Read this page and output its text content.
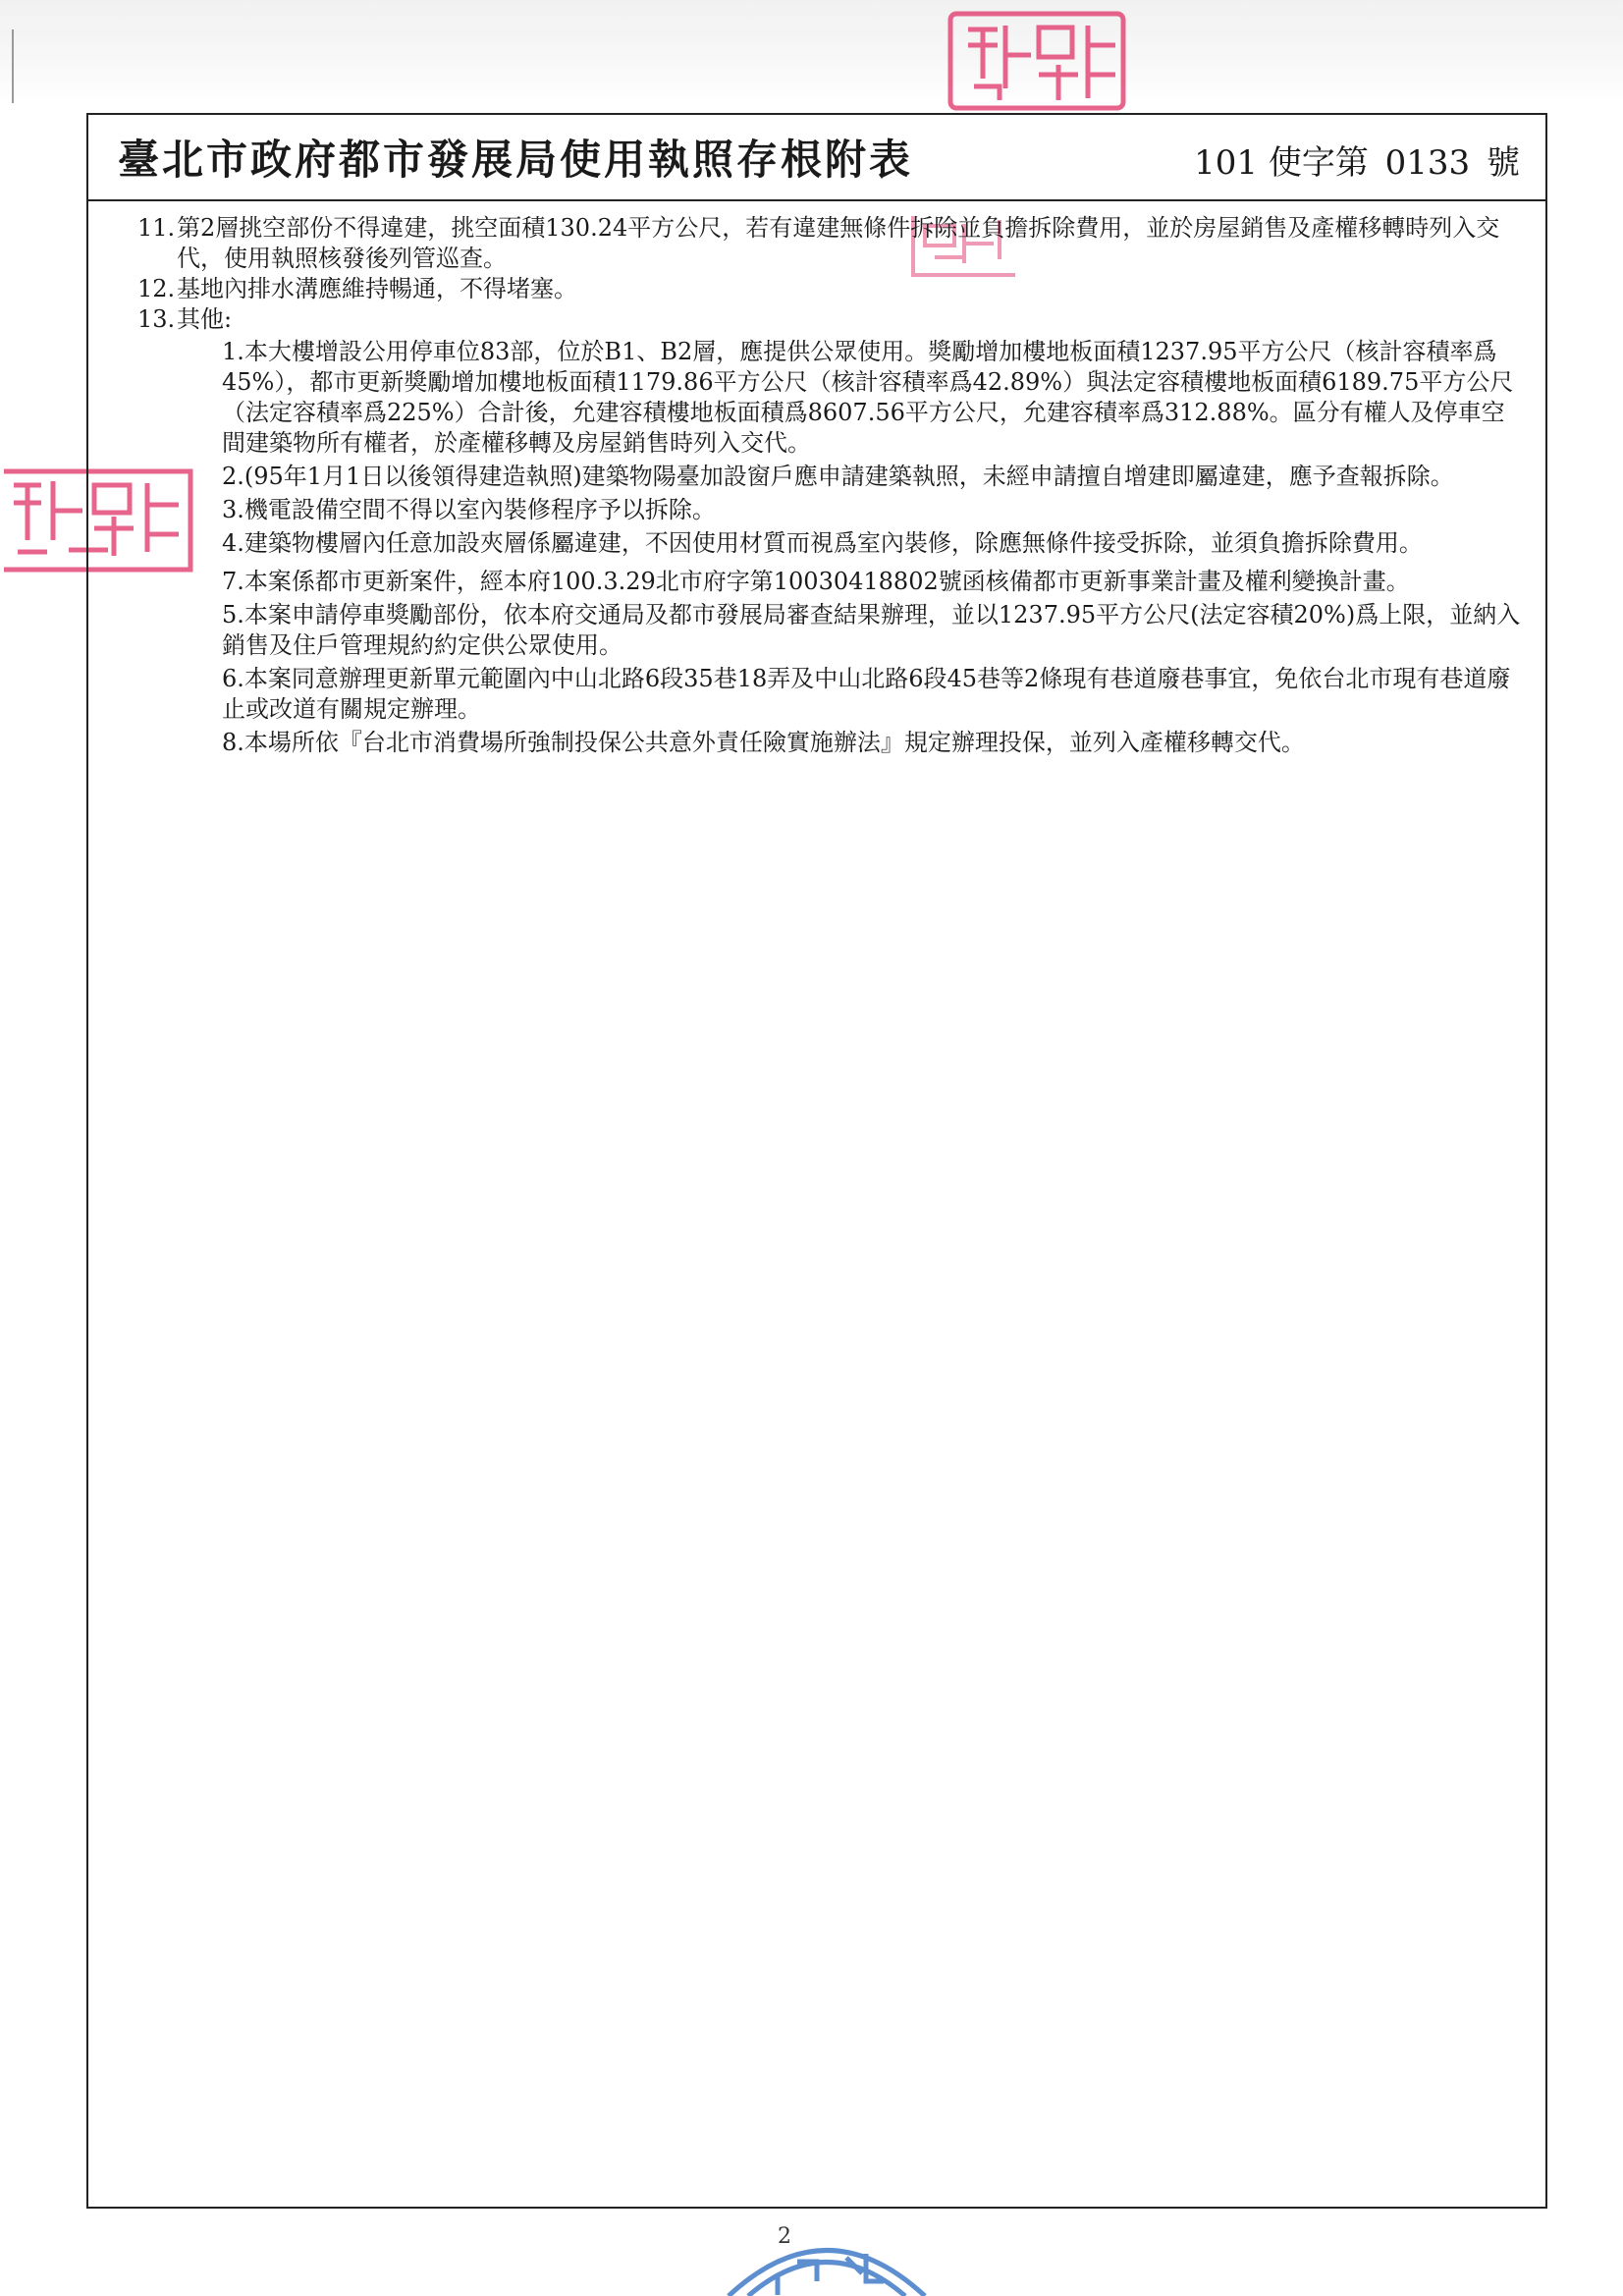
臺北市政府都市發展局使用執照存根附表	101 使字第 0133 號
11. 第2層挑空部份不得違建，挑空面積130.24平方公尺，若有違建無條件拆除並負擔拆除費用，並於房屋銷售及產權移轉時列入交代，使用執照核發後列管巡查。
12. 基地內排水溝應維持暢通，不得堵塞。
13. 其他:
1.本大樓增設公用停車位83部，位於B1、B2層，應提供公眾使用。獎勵增加樓地板面積1237.95平方公尺（核計容積率爲45%），都市更新獎勵增加樓地板面積1179.86平方公尺（核計容積率爲42.89%）與法定容積樓地板面積6189.75平方公尺（法定容積率爲225%）合計後，允建容積樓地板面積爲8607.56平方公尺，允建容積率爲312.88%。區分有權人及停車空間建築物所有權者，於產權移轉及房屋銷售時列入交代。
2.(95年1月1日以後領得建造執照)建築物陽臺加設窗戶應申請建築執照，未經申請擅自增建即屬違建，應予查報拆除。
3.機電設備空間不得以室內裝修程序予以拆除。
4.建築物樓層內任意加設夾層係屬違建，不因使用材質而視爲室內裝修，除應無條件接受拆除，並須負擔拆除費用。
7.本案係都市更新案件，經本府100.3.29北市府字第10030418802號函核備都市更新事業計畫及權利變換計畫。
5.本案申請停車獎勵部份，依本府交通局及都市發展局審查結果辦理，並以1237.95平方公尺(法定容積20%)爲上限，並納入銷售及住戶管理規約約定供公眾使用。
6.本案同意辦理更新單元範圍內中山北路6段35巷18弄及中山北路6段45巷等2條現有巷道廢巷事宜，免依台北市現有巷道廢止或改道有關規定辦理。
8.本場所依『台北市消費場所強制投保公共意外責任險實施辦法』規定辦理投保，並列入產權移轉交代。
2
